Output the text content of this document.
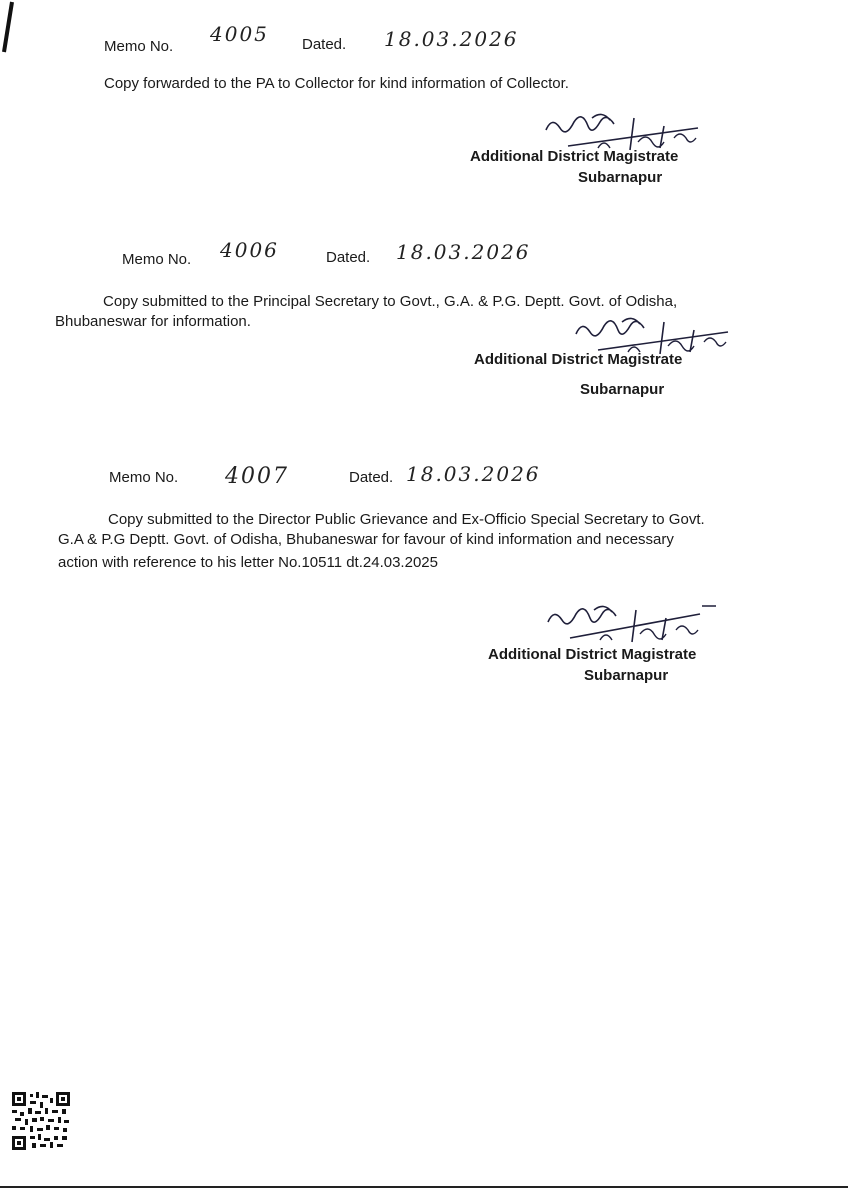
Memo No.
4005 Dated. 18.03.2026
Copy forwarded to the PA to Collector for kind information of Collector.
Additional District Magistrate
Subarnapur
Memo No. 4006	Dated. 18.03.2026
Copy submitted to the Principal Secretary to Govt., G.A. & P.G. Deptt. Govt. of Odisha,
Bhubaneswar for information.
Additional District Magistrate
Subarnapur
Memo No. 4007	Dated. 18.03.2026
Copy submitted to the Director Public Grievance and Ex-Officio Special Secretary to Govt.
G.A & P.G Deptt. Govt. of Odisha, Bhubaneswar for favour of kind information and necessary
action with reference to his letter No.10511 dt.24.03.2025
Additional District Magistrate
Subarnapur
